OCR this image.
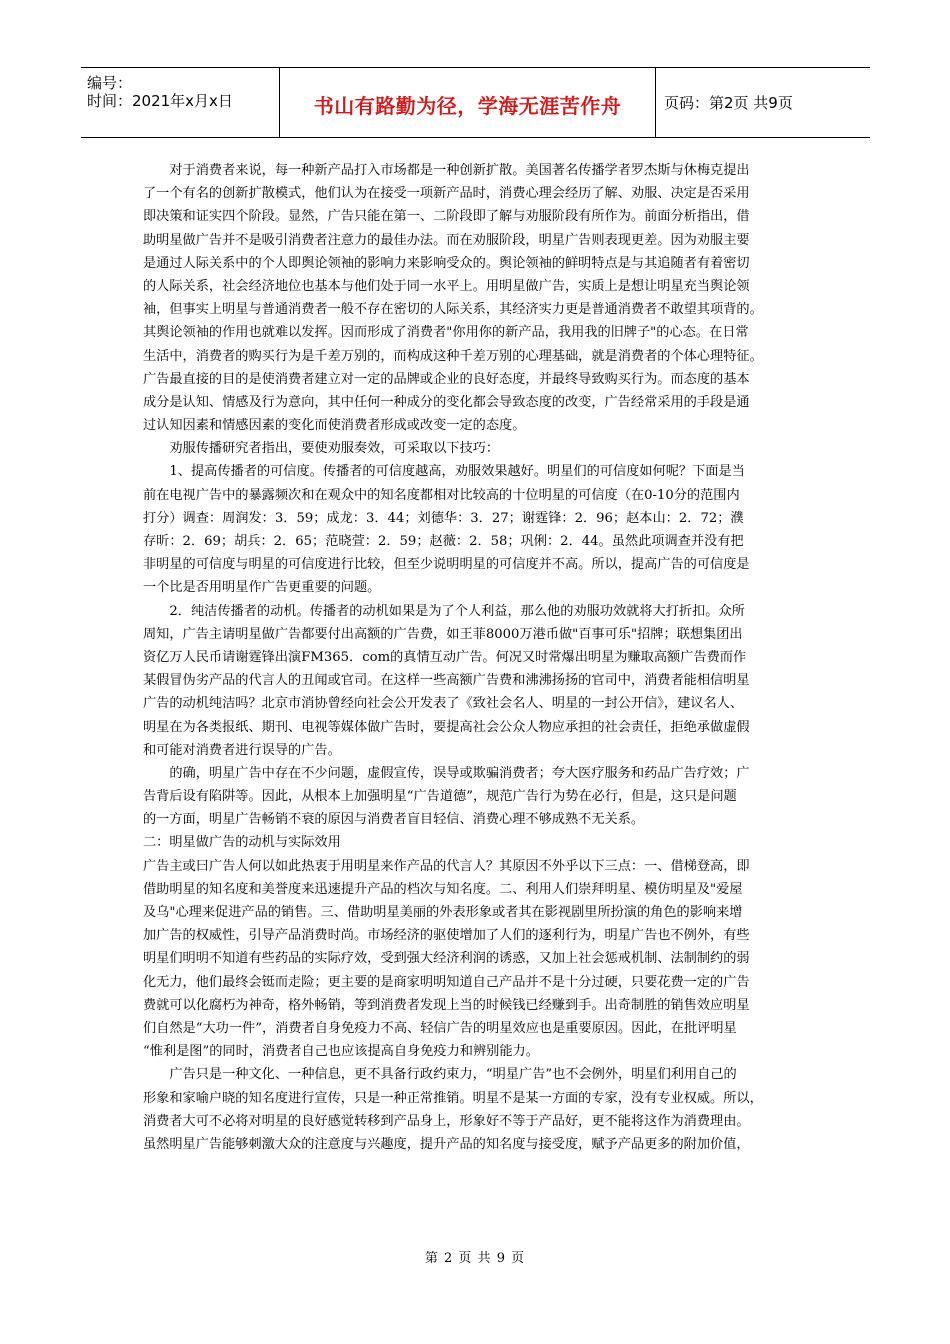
编号：
时间：2021年x月x日	书山有路勤为径，学海无涯苦作舟	页码：第2页 共9页
　　对于消费者来说，每一种新产品打入市场都是一种创新扩散。美国著名传播学者罗杰斯与休梅克提出
了一个有名的创新扩散模式，他们认为在接受一项新产品时，消费心理会经历了解、劝服、决定是否采用
即决策和证实四个阶段。显然，广告只能在第一、二阶段即了解与劝服阶段有所作为。前面分析指出，借
助明星做广告并不是吸引消费者注意力的最佳办法。而在劝服阶段，明星广告则表现更差。因为劝服主要
是通过人际关系中的个人即舆论领袖的影响力来影响受众的。舆论领袖的鲜明特点是与其追随者有着密切
的人际关系，社会经济地位也基本与他们处于同一水平上。用明星做广告，实质上是想让明星充当舆论领
袖，但事实上明星与普通消费者一般不存在密切的人际关系，其经济实力更是普通消费者不敢望其项背的。
其舆论领袖的作用也就难以发挥。因而形成了消费者"你用你的新产品，我用我的旧牌子"的心态。在日常
生活中，消费者的购买行为是千差万别的，而构成这种千差万别的心理基础，就是消费者的个体心理特征。
广告最直接的目的是使消费者建立对一定的品牌或企业的良好态度，并最终导致购买行为。而态度的基本
成分是认知、情感及行为意向，其中任何一种成分的变化都会导致态度的改变，广告经常采用的手段是通
过认知因素和情感因素的变化而使消费者形成或改变一定的态度。
　　劝服传播研究者指出，要使劝服奏效，可采取以下技巧：
　　1、提高传播者的可信度。传播者的可信度越高，劝服效果越好。明星们的可信度如何呢？下面是当
前在电视广告中的暴露频次和在观众中的知名度都相对比较高的十位明星的可信度（在0-10分的范围内
打分）调查：周润发：3．59；成龙：3．44；刘德华：3．27；谢霆锋：2．96；赵本山：2．72；濮
存昕：2．69；胡兵：2．65；范晓萱：2．59；赵薇：2．58；巩俐：2．44。虽然此项调查并没有把
非明星的可信度与明星的可信度进行比较，但至少说明明星的可信度并不高。所以，提高广告的可信度是
一个比是否用明星作广告更重要的问题。
　　2．纯洁传播者的动机。传播者的动机如果是为了个人利益，那么他的劝服功效就将大打折扣。众所
周知，广告主请明星做广告都要付出高额的广告费，如王菲8000万港币做"百事可乐"招牌；联想集团出
资亿万人民币请谢霆锋出演FM365．com的真情互动广告。何况又时常爆出明星为赚取高额广告费而作
某假冒伪劣产品的代言人的丑闻或官司。在这样一些高额广告费和沸沸扬扬的官司中，消费者能相信明星
广告的动机纯洁吗？北京市消协曾经向社会公开发表了《致社会名人、明星的一封公开信》，建议名人、
明星在为各类报纸、期刊、电视等媒体做广告时，要提高社会公众人物应承担的社会责任，拒绝承做虚假
和可能对消费者进行误导的广告。
　　的确，明星广告中存在不少问题，虚假宣传，误导或欺骗消费者；夸大医疗服务和药品广告疗效；广
告背后设有陷阱等。因此，从根本上加强明星“广告道德”，规范广告行为势在必行，但是，这只是问题
的一方面，明星广告畅销不衰的原因与消费者盲目轻信、消费心理不够成熟不无关系。
二：明星做广告的动机与实际效用
广告主或曰广告人何以如此热衷于用明星来作产品的代言人？其原因不外乎以下三点：一、借梯登高，即
借助明星的知名度和美誉度来迅速提升产品的档次与知名度。二、利用人们崇拜明星、模仿明星及"爱屋
及乌"心理来促进产品的销售。三、借助明星美丽的外表形象或者其在影视剧里所扮演的角色的影响来增
加广告的权威性，引导产品消费时尚。市场经济的驱使增加了人们的逐利行为，明星广告也不例外，有些
明星们明明不知道有些药品的实际疗效，受到强大经济利润的诱惑，又加上社会惩戒机制、法制制约的弱
化无力，他们最终会铤而走险；更主要的是商家明明知道自己产品并不是十分过硬，只要花费一定的广告
费就可以化腐朽为神奇，格外畅销，等到消费者发现上当的时候钱已经赚到手。出奇制胜的销售效应明星
们自然是“大功一件”，消费者自身免疫力不高、轻信广告的明星效应也是重要原因。因此，在批评明星
“惟利是图”的同时，消费者自己也应该提高自身免疫力和辨别能力。
　　广告只是一种文化、一种信息，更不具备行政约束力，“明星广告”也不会例外，明星们利用自己的
形象和家喻户晓的知名度进行宣传，只是一种正常推销。明星不是某一方面的专家，没有专业权威。所以，
消费者大可不必将对明星的良好感觉转移到产品身上，形象好不等于产品好，更不能将这作为消费理由。
虽然明星广告能够刺激大众的注意度与兴趣度，提升产品的知名度与接受度，赋予产品更多的附加价值，
第 2 页 共 9 页
